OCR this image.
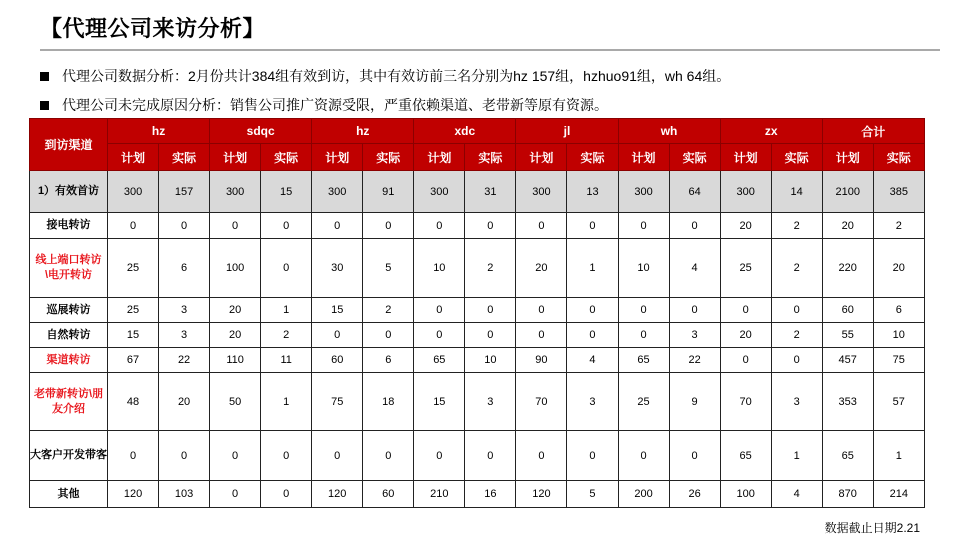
【代理公司来访分析】
代理公司数据分析：2月份共计384组有效到访，其中有效访前三名分别为hz 157组，hzhuo91组，wh 64组。
代理公司未完成原因分析：销售公司推广资源受限，严重依赖渠道、老带新等原有资源。
到访渠道	hz		sdqc		hz		xdc		jl		wh		zx		合计	
	计划	实际	计划	实际	计划	实际	计划	实际	计划	实际	计划	实际	计划	实际	计划	实际
1）有效首访	300	157	300	15	300	91	300	31	300	13	300	64	300	14	2100	385
接电转访	0	0	0	0	0	0	0	0	0	0	0	0	20	2	20	2
线上端口转访\电开转访	25	6	100	0	30	5	10	2	20	1	10	4	25	2	220	20
巡展转访	25	3	20	1	15	2	0	0	0	0	0	0	0	0	60	6
自然转访	15	3	20	2	0	0	0	0	0	0	0	3	20	2	55	10
渠道转访	67	22	110	11	60	6	65	10	90	4	65	22	0	0	457	75
老带新转访\朋友介绍	48	20	50	1	75	18	15	3	70	3	25	9	70	3	353	57
大客户开发带客	0	0	0	0	0	0	0	0	0	0	0	0	65	1	65	1
其他	120	103	0	0	120	60	210	16	120	5	200	26	100	4	870	214
数据截止日期2.21
